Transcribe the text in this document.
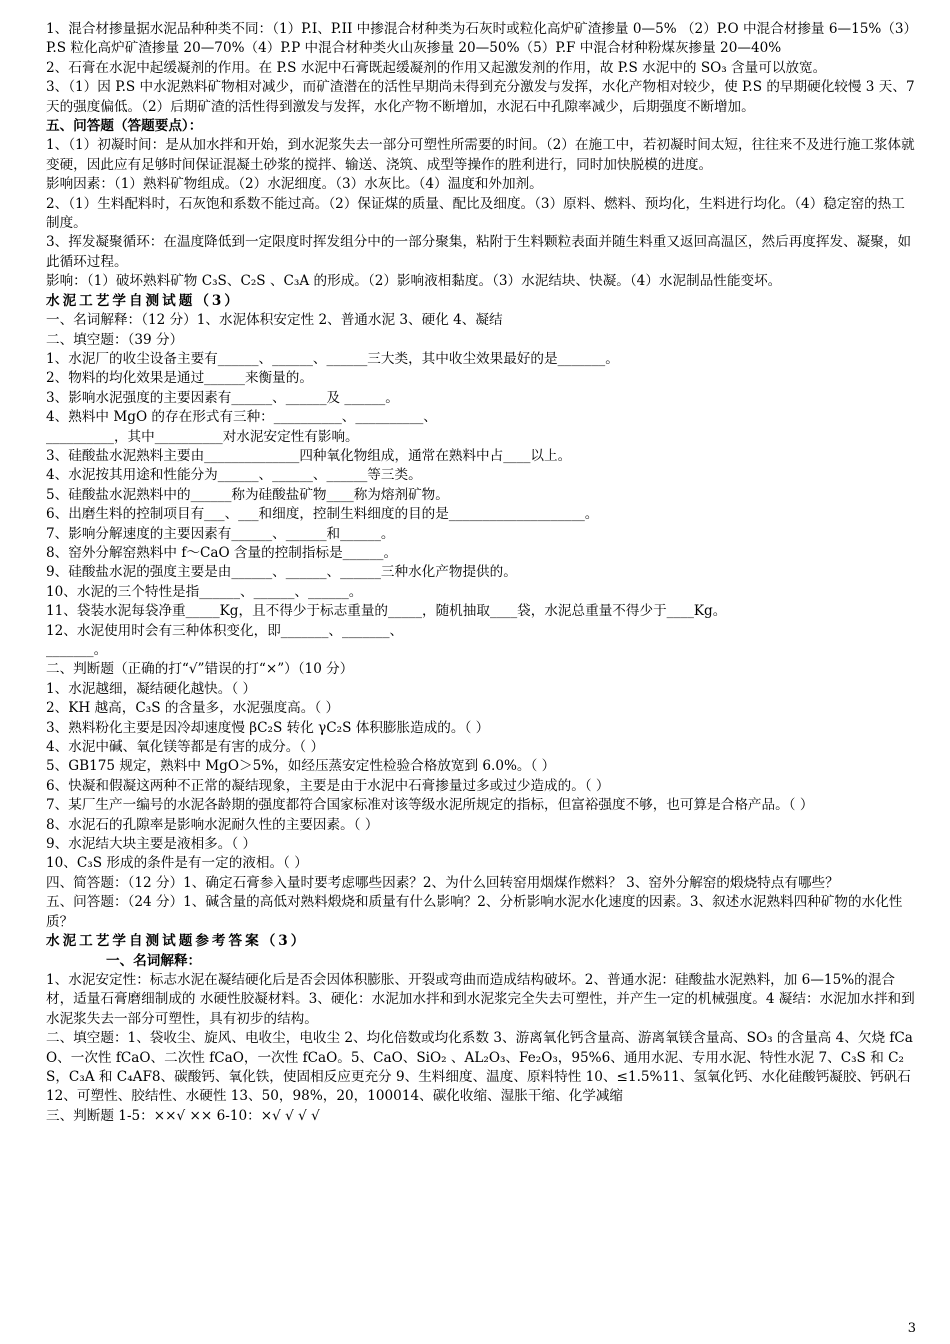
1、混合材掺量据水泥品种种类不同：（1）P.I、P.II 中掺混合材种类为石灰时或粒化高炉矿渣掺量 0—5% （2）P.O 中混合材掺量 6—15%（3）P.S 粒化高炉矿渣掺量 20—70%（4）P.P 中混合材种类火山灰掺量 20—50%（5）P.F 中混合材种粉煤灰掺量 20—40%

2、石膏在水泥中起缓凝剂的作用。在 P.S 水泥中石膏既起缓凝剂的作用又起激发剂的作用，故 P.S 水泥中的 SO₃ 含量可以放宽。

3、（1）因 P.S 中水泥熟料矿物相对减少，而矿渣潜在的活性早期尚未得到充分激发与发挥，水化产物相对较少，使 P.S 的早期硬化较慢 3 天、7 天的强度偏低。（2）后期矿渣的活性得到激发与发挥，水化产物不断增加，水泥石中孔隙率减少，后期强度不断增加。

五、问答题（答题要点）：

1、（1）初凝时间：是从加水拌和开始，到水泥浆失去一部分可塑性所需要的时间。（2）在施工中，若初凝时间太短，往往来不及进行施工浆体就变硬，因此应有足够时间保证混凝土砂浆的搅拌、输送、浇筑、成型等操作的胜利进行，同时加快脱模的进度。

影响因素：（1）熟料矿物组成。（2）水泥细度。（3）水灰比。（4）温度和外加剂。

2、（1）生料配料时，石灰饱和系数不能过高。（2）保证煤的质量、配比及细度。（3）原料、燃料、预均化，生料进行均化。（4）稳定窑的热工制度。

3、挥发凝聚循环：在温度降低到一定限度时挥发组分中的一部分聚集，粘附于生料颗粒表面并随生料重又返回高温区，然后再度挥发、凝聚，如此循环过程。

影响：（1）破坏熟料矿物 C₃S、C₂S 、C₃A 的形成。（2）影响液相黏度。（3）水泥结块、快凝。（4）水泥制品性能变坏。

水泥工艺学自测试题（3）

一、名词解释：（12 分）1、水泥体积安定性 2、普通水泥 3、硬化 4、凝结

二、填空题：（39 分）

1、水泥厂的收尘设备主要有______、______、______三大类，其中收尘效果最好的是_______。

2、物料的均化效果是通过______来衡量的。

3、影响水泥强度的主要因素有______、______及 ______。

4、熟料中 MgO 的存在形式有三种：__________、__________、

__________，其中__________对水泥安定性有影响。

3、硅酸盐水泥熟料主要由______________四种氧化物组成，通常在熟料中占____以上。

4、水泥按其用途和性能分为______、______、______等三类。

5、硅酸盐水泥熟料中的______称为硅酸盐矿物____称为熔剂矿物。

6、出磨生料的控制项目有___、___和细度，控制生料细度的目的是____________________。

7、影响分解速度的主要因素有______、______和______。

8、窑外分解窑熟料中 f～CaO 含量的控制指标是______。

9、硅酸盐水泥的强度主要是由______、______、______三种水化产物提供的。

10、水泥的三个特性是指______、______、______。

11、袋装水泥每袋净重_____Kg，且不得少于标志重量的_____，随机抽取____袋，水泥总重量不得少于____Kg。

12、水泥使用时会有三种体积变化，即_______、_______、

_______。

二、判断题（正确的打“√”错误的打“×”）（10 分）

1、水泥越细，凝结硬化越快。（ ）

2、KH 越高，C₃S 的含量多，水泥强度高。（ ）

3、熟料粉化主要是因冷却速度慢 βC₂S 转化 γC₂S 体积膨胀造成的。（ ）

4、水泥中碱、氧化镁等都是有害的成分。（ ）

5、GB175 规定，熟料中 MgO＞5%，如经压蒸安定性检验合格放宽到 6.0%。（ ）

6、快凝和假凝这两种不正常的凝结现象，主要是由于水泥中石膏掺量过多或过少造成的。（ ）

7、某厂生产一编号的水泥各龄期的强度都符合国家标准对该等级水泥所规定的指标，但富裕强度不够，也可算是合格产品。（ ）

8、水泥石的孔隙率是影响水泥耐久性的主要因素。（ ）

9、水泥结大块主要是液相多。（ ）

10、C₃S 形成的条件是有一定的液相。（ ）

四、简答题：（12 分）1、确定石膏参入量时要考虑哪些因素？2、为什么回转窑用烟煤作燃料？ 3、窑外分解窑的煅烧特点有哪些？

五、问答题：（24 分）1、碱含量的高低对熟料煅烧和质量有什么影响？2、分析影响水泥水化速度的因素。3、叙述水泥熟料四种矿物的水化性质？

水泥工艺学自测试题参考答案（3）

一、名词解释：

1、水泥安定性：标志水泥在凝结硬化后是否会因体积膨胀、开裂或弯曲而造成结构破坏。2、普通水泥：硅酸盐水泥熟料，加 6—15%的混合材，适量石膏磨细制成的 水硬性胶凝材料。3、硬化：水泥加水拌和到水泥浆完全失去可塑性，并产生一定的机械强度。4 凝结：水泥加水拌和到水泥浆失去一部分可塑性，具有初步的结构。

二、填空题：1、袋收尘、旋风、电收尘，电收尘 2、均化倍数或均化系数 3、游离氧化钙含量高、游离氧镁含量高、SO₃ 的含量高 4、欠烧 fCaO、一次性 fCaO、二次性 fCaO，一次性 fCaO。5、CaO、SiO₂ 、AL₂O₃、Fe₂O₃，95%6、通用水泥、专用水泥、特性水泥 7、C₃S 和 C₂S，C₃A 和 C₄AF8、碳酸钙、氧化铁，使固相反应更充分 9、生料细度、温度、原料特性 10、≤1.5%11、氢氧化钙、水化硅酸钙凝胶、钙矾石 12、可塑性、胶结性、水硬性 13、50，98%，20，100014、碳化收缩、湿胀干缩、化学减缩

三、判断题 1-5：××√ ×× 6-10：×√ √ √ √

3
